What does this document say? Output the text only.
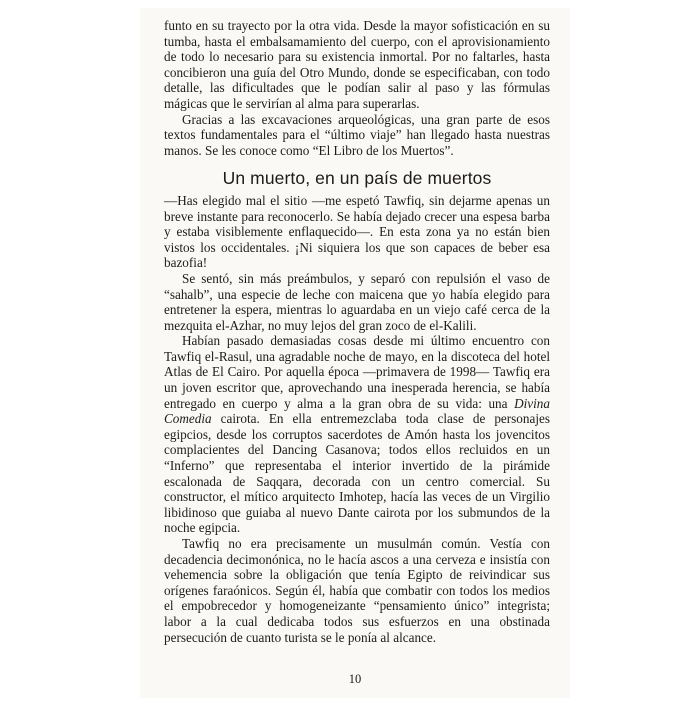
funto en su trayecto por la otra vida. Desde la mayor sofisticación en su tumba, hasta el embalsamamiento del cuerpo, con el aprovisionamiento de todo lo necesario para su existencia inmortal. Por no faltarles, hasta concibieron una guía del Otro Mundo, donde se especificaban, con todo detalle, las dificultades que le podían salir al paso y las fórmulas mágicas que le servirían al alma para superarlas.

Gracias a las excavaciones arqueológicas, una gran parte de esos textos fundamentales para el “último viaje” han llegado hasta nuestras manos. Se les conoce como “El Libro de los Muertos”.

Un muerto, en un país de muertos

—Has elegido mal el sitio —me espetó Tawfiq, sin dejarme apenas un breve instante para reconocerlo. Se había dejado crecer una espesa barba y estaba visiblemente enflaquecido—. En esta zona ya no están bien vistos los occidentales. ¡Ni siquiera los que son capaces de beber esa bazofia!

Se sentó, sin más preámbulos, y separó con repulsión el vaso de “sahalb”, una especie de leche con maicena que yo había elegido para entretener la espera, mientras lo aguardaba en un viejo café cerca de la mezquita el-Azhar, no muy lejos del gran zoco de el-Kalili.

Habían pasado demasiadas cosas desde mi último encuentro con Tawfiq el-Rasul, una agradable noche de mayo, en la discoteca del hotel Atlas de El Cairo. Por aquella época —primavera de 1998— Tawfiq era un joven escritor que, aprovechando una inesperada herencia, se había entregado en cuerpo y alma a la gran obra de su vida: una Divina Comedia cairota. En ella entremezclaba toda clase de personajes egipcios, desde los corruptos sacerdotes de Amón hasta los jovencitos complacientes del Dancing Casanova; todos ellos recluidos en un “Inferno” que representaba el interior invertido de la pirámide escalonada de Saqqara, decorada con un centro comercial. Su constructor, el mítico arquitecto Imhotep, hacía las veces de un Virgilio libidinoso que guiaba al nuevo Dante cairota por los submundos de la noche egipcia.

Tawfiq no era precisamente un musulmán común. Vestía con decadencia decimonónica, no le hacía ascos a una cerveza e insistía con vehemencia sobre la obligación que tenía Egipto de reivindicar sus orígenes faraónicos. Según él, había que combatir con todos los medios el empobrecedor y homogeneizante “pensamiento único” integrista; labor a la cual dedicaba todos sus esfuerzos en una obstinada persecución de cuanto turista se le ponía al alcance.

10
